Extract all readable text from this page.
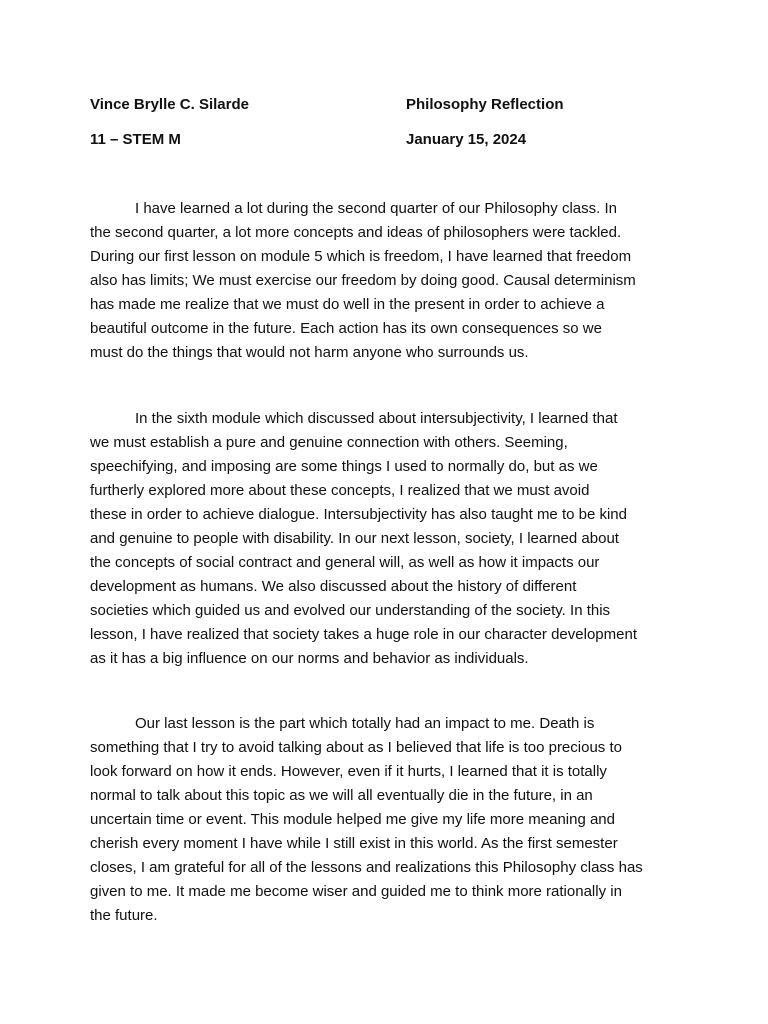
Vince Brylle C. Silarde	Philosophy Reflection
11 – STEM M	January 15, 2024
I have learned a lot during the second quarter of our Philosophy class. In
the second quarter, a lot more concepts and ideas of philosophers were tackled.
During our first lesson on module 5 which is freedom, I have learned that freedom
also has limits; We must exercise our freedom by doing good. Causal determinism
has made me realize that we must do well in the present in order to achieve a
beautiful outcome in the future. Each action has its own consequences so we
must do the things that would not harm anyone who surrounds us.
In the sixth module which discussed about intersubjectivity, I learned that
we must establish a pure and genuine connection with others. Seeming,
speechifying, and imposing are some things I used to normally do, but as we
furtherly explored more about these concepts, I realized that we must avoid
these in order to achieve dialogue. Intersubjectivity has also taught me to be kind
and genuine to people with disability. In our next lesson, society, I learned about
the concepts of social contract and general will, as well as how it impacts our
development as humans. We also discussed about the history of different
societies which guided us and evolved our understanding of the society. In this
lesson, I have realized that society takes a huge role in our character development
as it has a big influence on our norms and behavior as individuals.
Our last lesson is the part which totally had an impact to me. Death is
something that I try to avoid talking about as I believed that life is too precious to
look forward on how it ends. However, even if it hurts, I learned that it is totally
normal to talk about this topic as we will all eventually die in the future, in an
uncertain time or event. This module helped me give my life more meaning and
cherish every moment I have while I still exist in this world. As the first semester
closes, I am grateful for all of the lessons and realizations this Philosophy class has
given to me. It made me become wiser and guided me to think more rationally in
the future.
